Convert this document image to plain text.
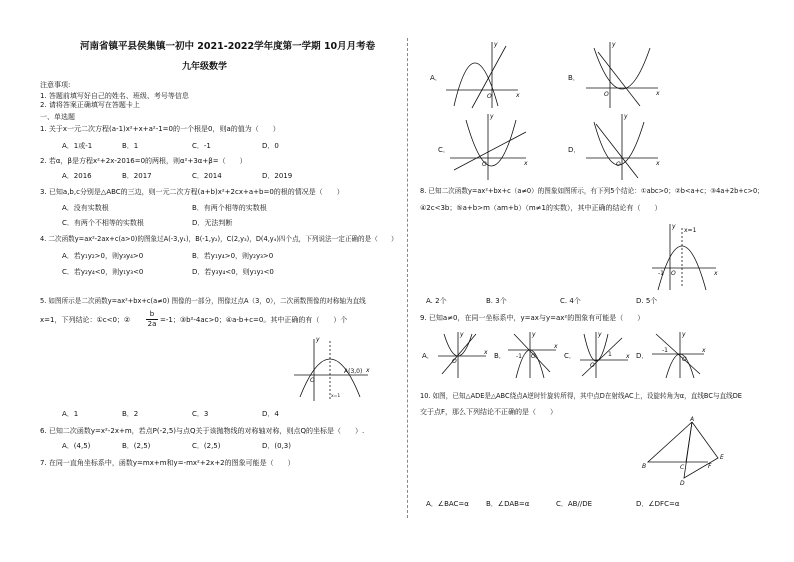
河南省镇平县侯集镇一初中 2021-2022学年度第一学期 10月月考卷
九年级数学
注意事项:
1. 答题前填写好自己的姓名、班级、考号等信息
2. 请将答案正确填写在答题卡上
一、单选题
1. 关于x一元二次方程(a-1)x²+x+a²-1=0的一个根是0，则a的值为（　　）
A．1或-1	B．1	C．-1	D．0
2. 若α，β是方程x²+2x-2016=0的两根，则α²+3α+β=（　　）
A．2016	B．2017	C．2014	D．2019
3. 已知a,b,c分别是△ABC的三边，则一元二次方程(a+b)x²+2cx+a+b=0的根的情况是（　　）
A．没有实数根	B．有两个相等的实数根
C．有两个不相等的实数根	D．无法判断
4. 二次函数y=ax²-2ax+c(a>0)的图象过A(-3,y₁)，B(-1,y₂)，C(2,y₃)，D(4,y₄)四个点，下列说法一定正确的是（　　）
A．若y₁y₂>0，则y₃y₄>0	B．若y₁y₄>0，则y₂y₃>0
C．若y₂y₄<0，则y₁y₃<0	D．若y₃y₄<0，则y₁y₂<0
5. 如图所示是二次函数y=ax²+bx+c(a≠0) 图像的一部分，图像过点A（3，0），二次函数图像的对称轴为直线
x=1，下列结论：①c<0；②
b
2a =-1；③b²-4ac>0；④a-b+c=0。其中正确的有（　　）个
O
A(3,0) x
y
x=1
A．1	B．2	C．3	D．4
6. 已知二次函数y=x²-2x+m，若点P(-2,5)与点Q关于该抛物线的对称轴对称，则点Q的坐标是（　　）.
A．(4,5)	B．(2,5)	C．(2,5)	D．(0,3)
7. 在同一直角坐标系中，函数y=mx+m和y=-mx²+2x+2的图象可能是（　　）
A．
O	x
y
B．
O	x
y
C．
O	x
y
D．
O	x
y
8. 已知二次函数y=ax²+bx+c（a≠0）的图象如图所示，有下列5个结论：①abc>0；②b<a+c；③4a+2b+c>0；
④2c<3b；⑤a+b>m（am+b）（m≠1的实数），其中正确的结论有（　　）
x=1
-1 O	x
y
A. 2个	B. 3个	C. 4个	D. 5个
9. 已知a≠0，在同一坐标系中，y=ax与y=ax²的图象有可能是（　　）
A．
O
x
y
B． -1 O
x
y
C．	1
O
x
y
D．
-1
O
x
y
10. 如图，已知△ADE是△ABC绕点A逆时针旋转所得，其中点D在射线AC上，设旋转角为α，直线BC与直线DE
交于点F，那么下列结论不正确的是（　　）
A
B	C
D
E
F
A．∠BAC=α B．∠DAB=α	C．AB//DE	D．∠DFC=α
